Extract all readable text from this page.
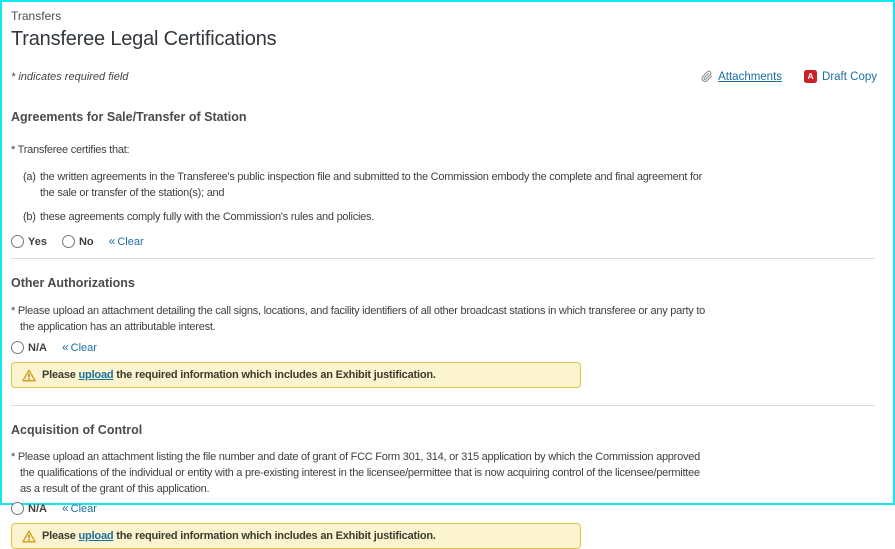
Transfers
Transferee Legal Certifications
* indicates required field	Attachments	A Draft Copy
Agreements for Sale/Transfer of Station

* Transferee certifies that:

(a) the written agreements in the Transferee's public inspection file and submitted to the Commission embody the complete and final agreement for the sale or transfer of the station(s); and
(b) these agreements comply fully with the Commission's rules and policies.
Yes	No « Clear
Other Authorizations

* Please upload an attachment detailing the call signs, locations, and facility identifiers of all other broadcast stations in which transferee or any party to the application has an attributable interest.

N/A « Clear
Please upload the required information which includes an Exhibit justification.
Acquisition of Control

* Please upload an attachment listing the file number and date of grant of FCC Form 301, 314, or 315 application by which the Commission approved the qualifications of the individual or entity with a pre-existing interest in the licensee/permittee that is now acquiring control of the licensee/permittee as a result of the grant of this application.

N/A « Clear
Please upload the required information which includes an Exhibit justification.
